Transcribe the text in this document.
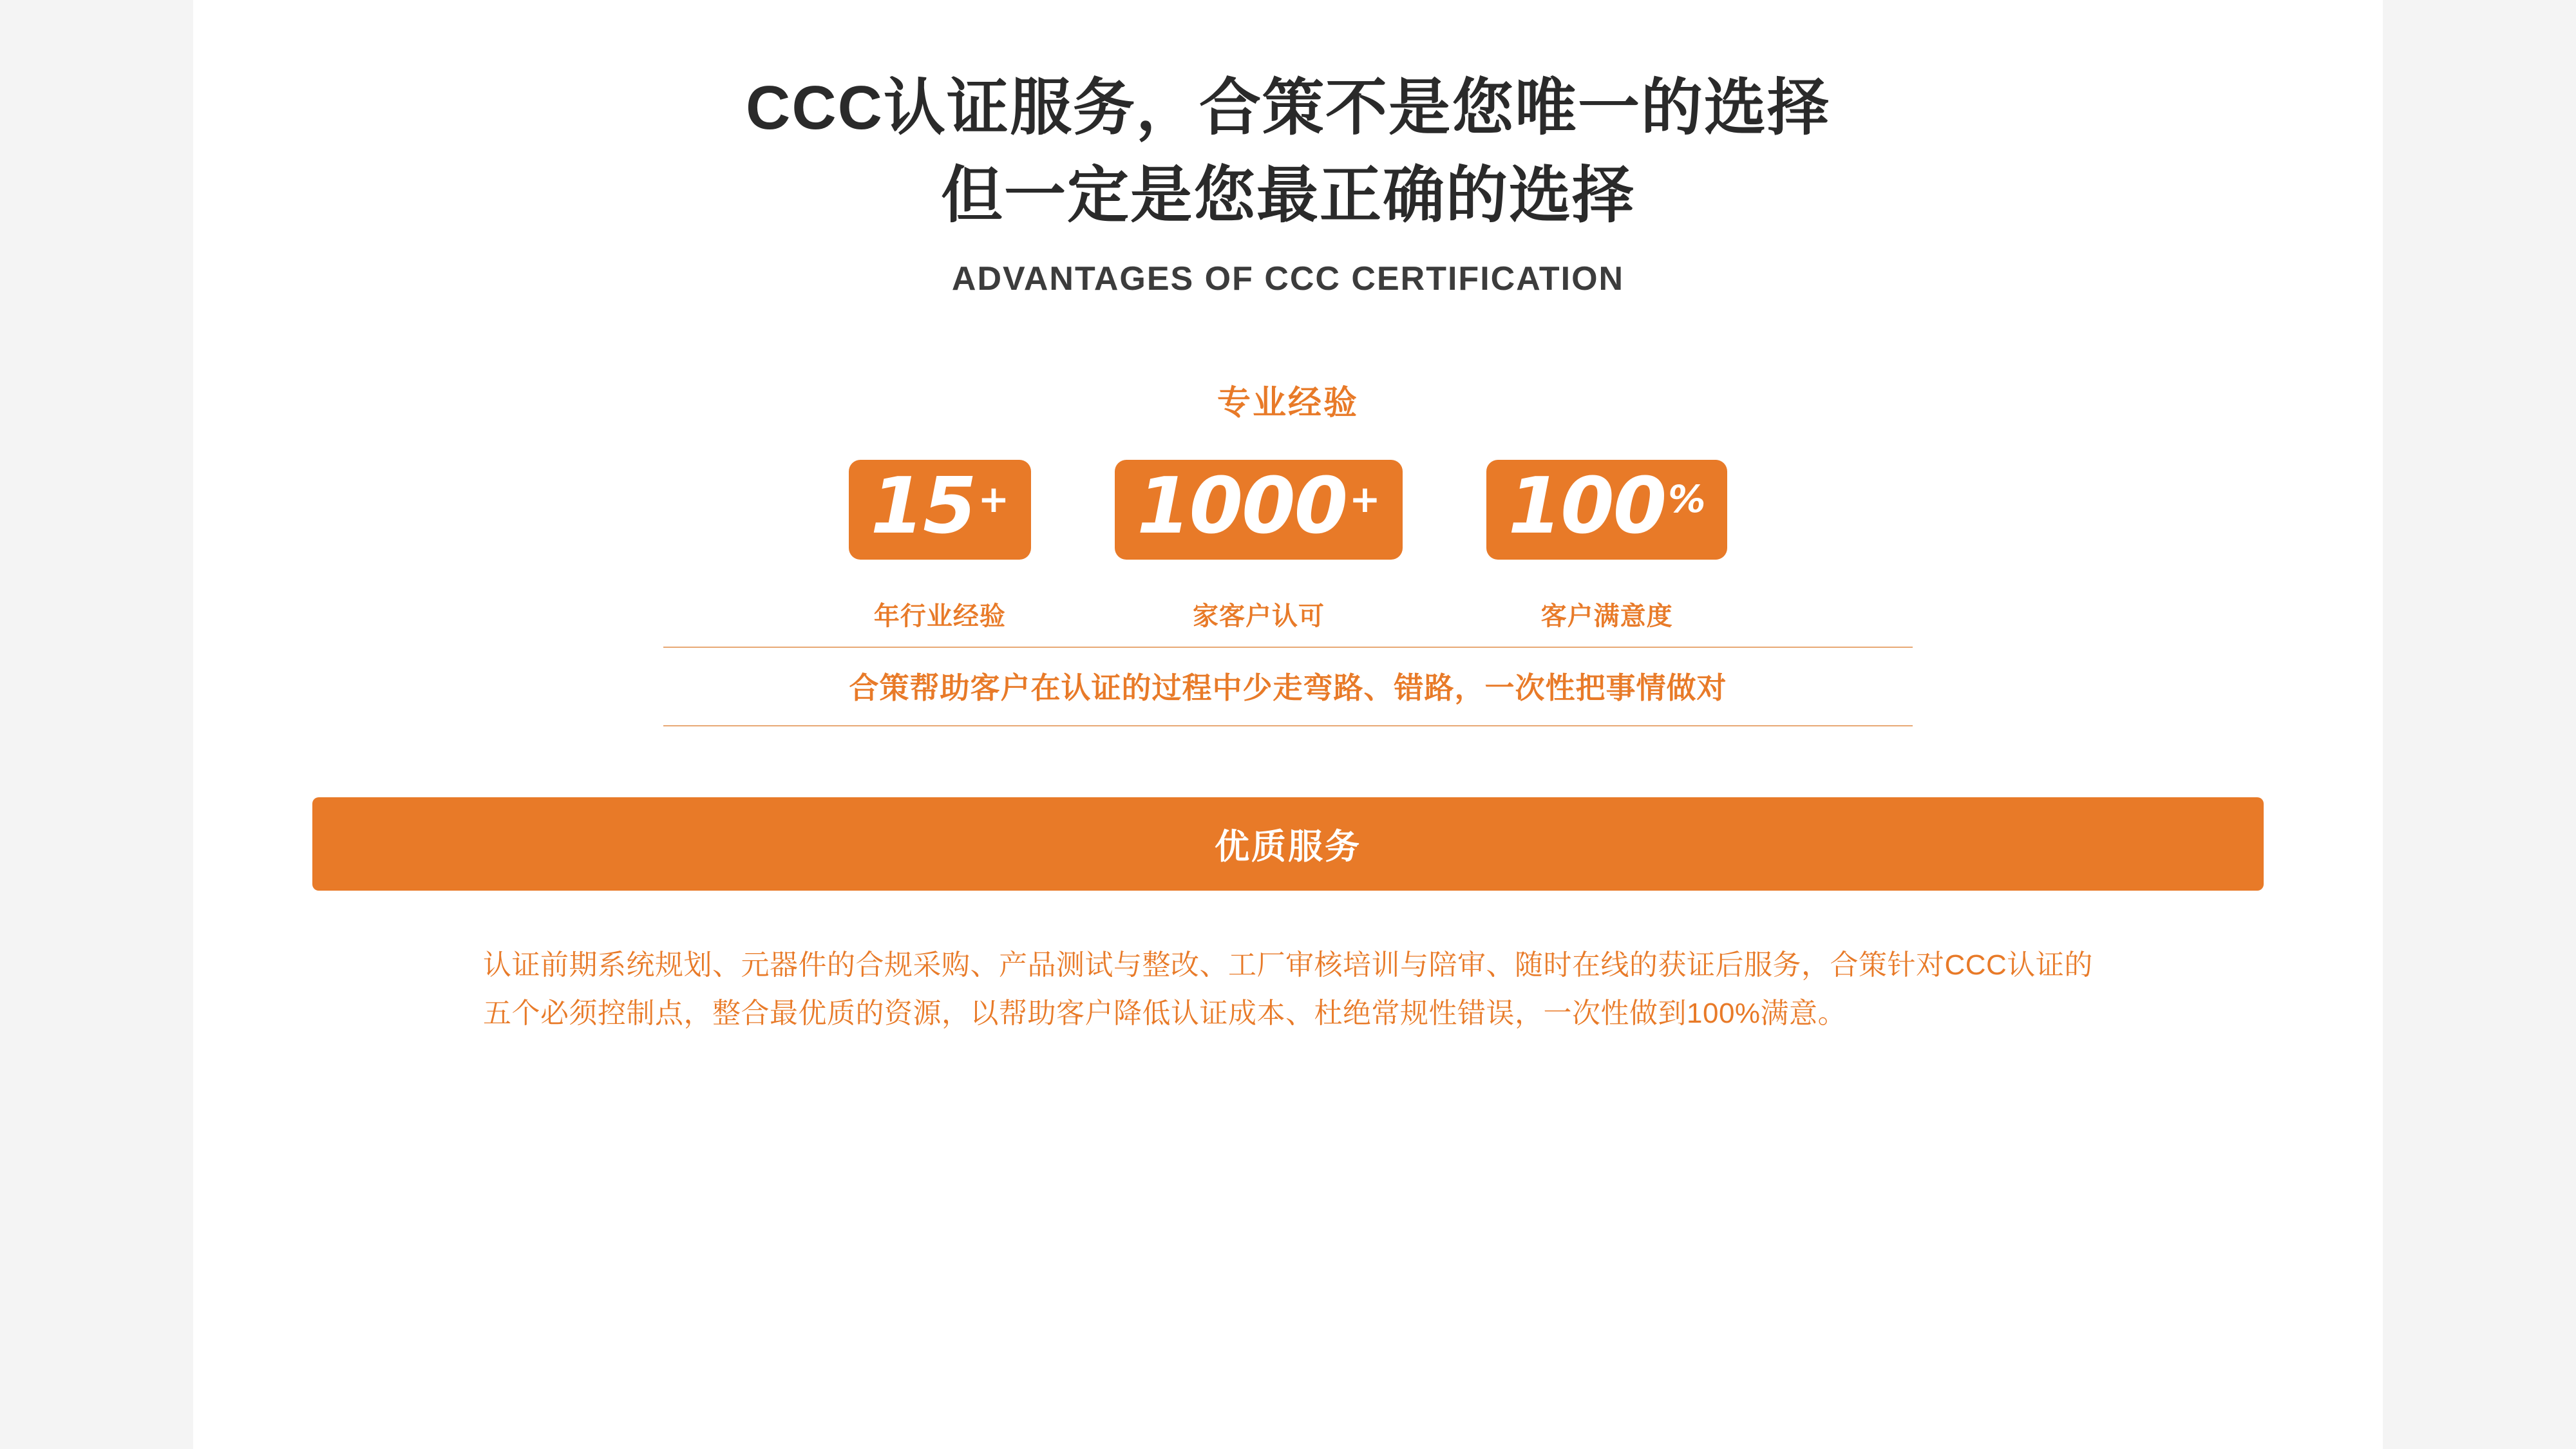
CCC认证服务，合策不是您唯一的选择
但一定是您最正确的选择
ADVANTAGES OF CCC CERTIFICATION
专业经验
15 +
年行业经验
1000 +
家客户认可
100 %
客户满意度
合策帮助客户在认证的过程中少走弯路、错路，一次性把事情做对
优质服务
认证前期系统规划、元器件的合规采购、产品测试与整改、工厂审核培训与陪审、随时在线的获证后服务，合策针对CCC认证的五个必须控制点，整合最优质的资源，以帮助客户降低认证成本、杜绝常规性错误，一次性做到100%满意。
